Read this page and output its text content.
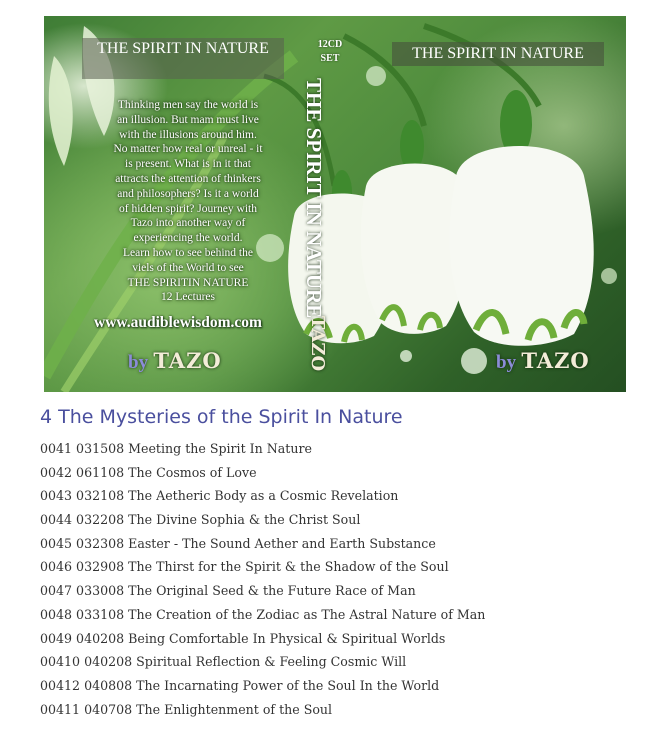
THE SPIRIT IN NATURE
Thinking men say the world is
an illusion. But mam must live
with the illusions around him.
No matter how real or unreal - it
is present. What is in it that
attracts the attention of thinkers
and philosophers? Is it a world
of hidden spirit? Journey with
Tazo into another way of
experiencing the world.
Learn how to see behind the
viels of the World to see
THE SPIRITIN NATURE
12 Lectures
www.audiblewisdom.com
by TAZO
12CD
SET
THE SPIRIT IN NATURE
TAZO
THE SPIRIT IN NATURE
by TAZO
4 The Mysteries of the Spirit In Nature
0041 031508 Meeting the Spirit In Nature
0042 061108 The Cosmos of Love
0043 032108 The Aetheric Body as a Cosmic Revelation
0044 032208 The Divine Sophia & the Christ Soul
0045 032308 Easter - The Sound Aether and Earth Substance
0046 032908 The Thirst for the Spirit & the Shadow of the Soul
0047 033008 The Original Seed & the Future Race of Man
0048 033108 The Creation of the Zodiac as The Astral Nature of Man
0049 040208 Being Comfortable In Physical & Spiritual Worlds
00410 040208 Spiritual Reflection & Feeling Cosmic Will
00412 040808 The Incarnating Power of the Soul In the World
00411 040708 The Enlightenment of the Soul
